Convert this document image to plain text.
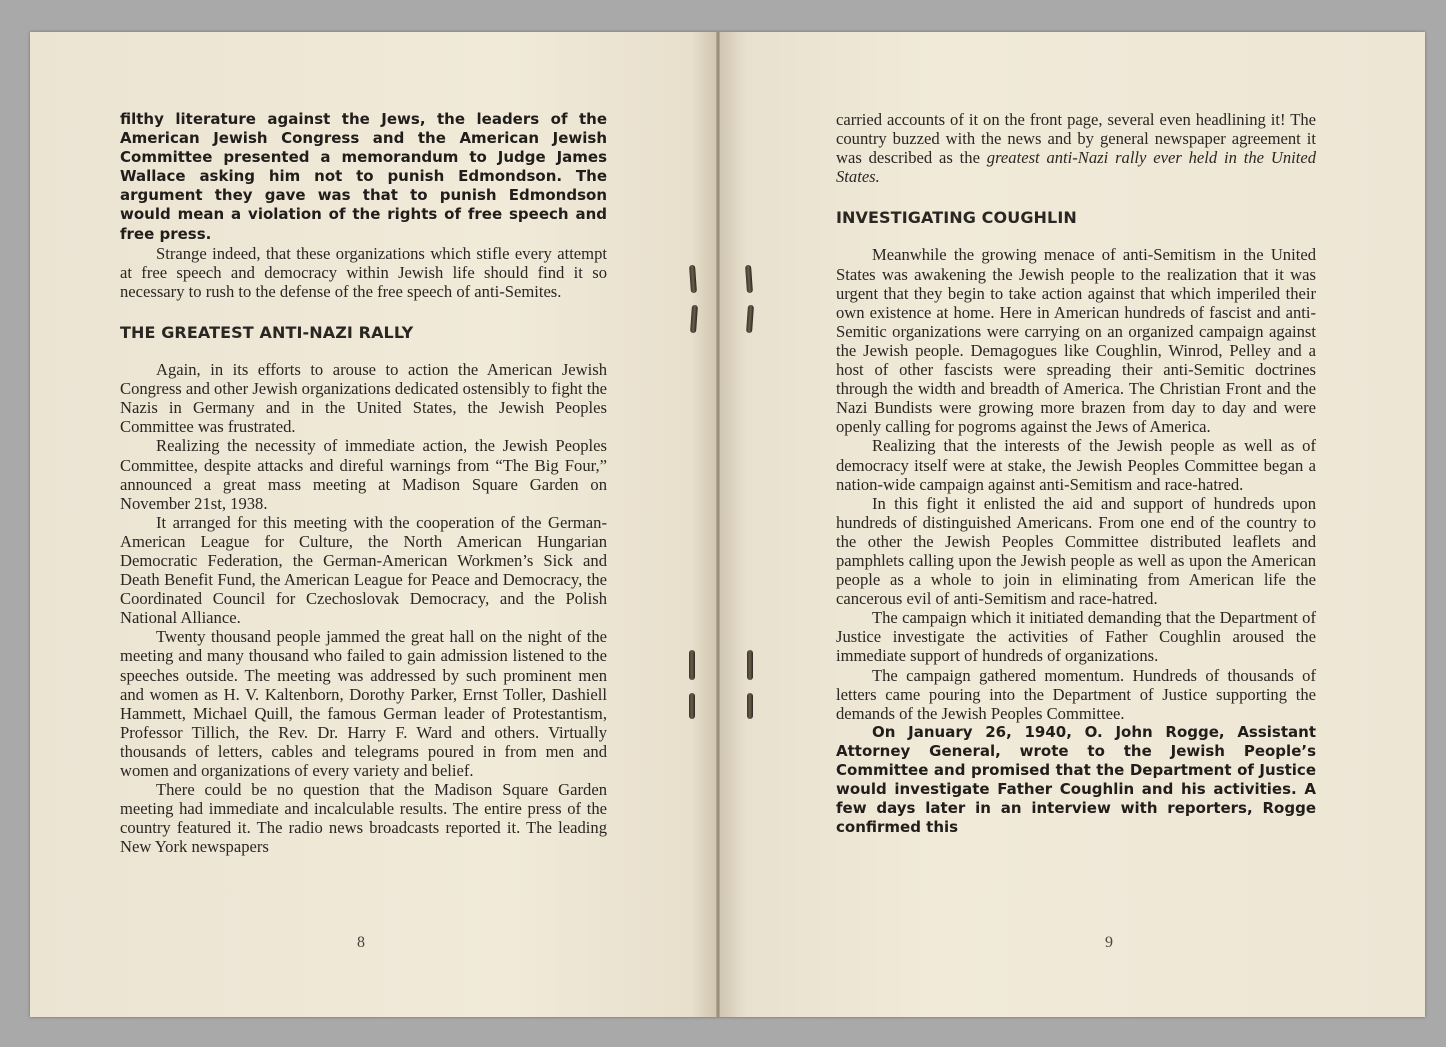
filthy literature against the Jews, the leaders of the American Jewish Congress and the American Jewish Committee presented a memorandum to Judge James Wallace asking him not to punish Edmondson. The argument they gave was that to punish Edmondson would mean a violation of the rights of free speech and free press.

Strange indeed, that these organizations which stifle every attempt at free speech and democracy within Jewish life should find it so necessary to rush to the defense of the free speech of anti-Semites.

THE GREATEST ANTI-NAZI RALLY

Again, in its efforts to arouse to action the American Jewish Congress and other Jewish organizations dedicated ostensibly to fight the Nazis in Germany and in the United States, the Jewish Peoples Committee was frustrated.

Realizing the necessity of immediate action, the Jewish Peoples Committee, despite attacks and direful warnings from “The Big Four,” announced a great mass meeting at Madison Square Garden on November 21st, 1938.

It arranged for this meeting with the cooperation of the German-American League for Culture, the North American Hungarian Democratic Federation, the German-American Workmen’s Sick and Death Benefit Fund, the American League for Peace and Democracy, the Coordinated Council for Czechoslovak Democracy, and the Polish National Alliance.

Twenty thousand people jammed the great hall on the night of the meeting and many thousand who failed to gain admission listened to the speeches outside. The meeting was addressed by such prominent men and women as H. V. Kaltenborn, Dorothy Parker, Ernst Toller, Dashiell Hammett, Michael Quill, the famous German leader of Protestantism, Professor Tillich, the Rev. Dr. Harry F. Ward and others. Virtually thousands of letters, cables and telegrams poured in from men and women and organizations of every variety and belief.

There could be no question that the Madison Square Garden meeting had immediate and incalculable results. The entire press of the country featured it. The radio news broadcasts reported it. The leading New York newspapers

8

carried accounts of it on the front page, several even headlining it! The country buzzed with the news and by general newspaper agreement it was described as the greatest anti-Nazi rally ever held in the United States.

INVESTIGATING COUGHLIN

Meanwhile the growing menace of anti-Semitism in the United States was awakening the Jewish people to the realization that it was urgent that they begin to take action against that which imperiled their own existence at home. Here in American hundreds of fascist and anti-Semitic organizations were carrying on an organized campaign against the Jewish people. Demagogues like Coughlin, Winrod, Pelley and a host of other fascists were spreading their anti-Semitic doctrines through the width and breadth of America. The Christian Front and the Nazi Bundists were growing more brazen from day to day and were openly calling for pogroms against the Jews of America.

Realizing that the interests of the Jewish people as well as of democracy itself were at stake, the Jewish Peoples Committee began a nation-wide campaign against anti-Semitism and race-hatred.

In this fight it enlisted the aid and support of hundreds upon hundreds of distinguished Americans. From one end of the country to the other the Jewish Peoples Committee distributed leaflets and pamphlets calling upon the Jewish people as well as upon the American people as a whole to join in eliminating from American life the cancerous evil of anti-Semitism and race-hatred.

The campaign which it initiated demanding that the Department of Justice investigate the activities of Father Coughlin aroused the immediate support of hundreds of organizations.

The campaign gathered momentum. Hundreds of thousands of letters came pouring into the Department of Justice supporting the demands of the Jewish Peoples Committee.

On January 26, 1940, O. John Rogge, Assistant Attorney General, wrote to the Jewish People’s Committee and promised that the Department of Justice would investigate Father Coughlin and his activities. A few days later in an interview with reporters, Rogge confirmed this

9
